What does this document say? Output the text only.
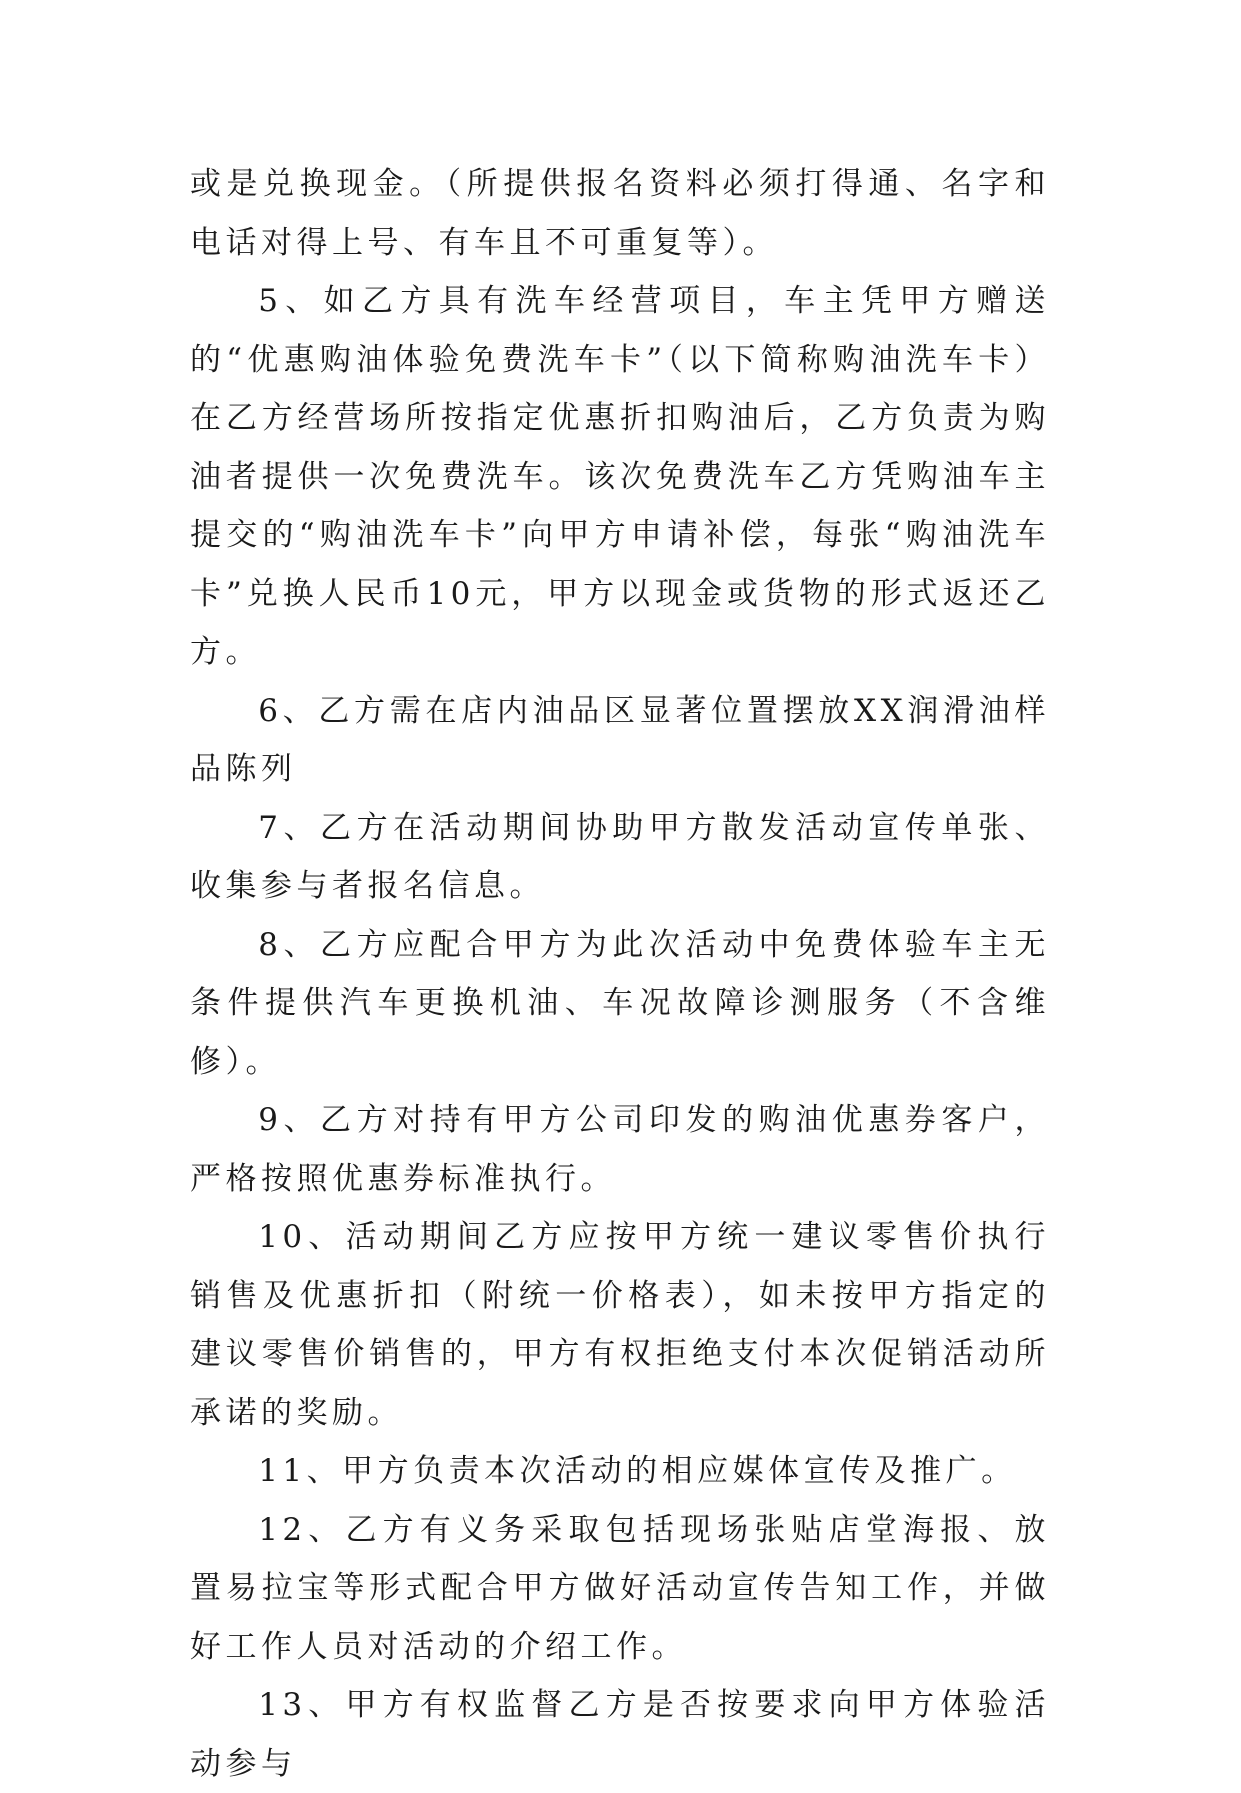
或是兑换现金。（所提供报名资料必须打得通、名字和电话对得上号、有车且不可重复等）。

5、如乙方具有洗车经营项目，车主凭甲方赠送的“优惠购油体验免费洗车卡”（以下简称购油洗车卡）在乙方经营场所按指定优惠折扣购油后，乙方负责为购油者提供一次免费洗车。该次免费洗车乙方凭购油车主提交的“购油洗车卡”向甲方申请补偿，每张“购油洗车卡”兑换人民币10元，甲方以现金或货物的形式返还乙方。

6、乙方需在店内油品区显著位置摆放XX润滑油样品陈列

7、乙方在活动期间协助甲方散发活动宣传单张、收集参与者报名信息。

8、乙方应配合甲方为此次活动中免费体验车主无条件提供汽车更换机油、车况故障诊测服务（不含维修）。

9、乙方对持有甲方公司印发的购油优惠券客户，严格按照优惠券标准执行。

10、活动期间乙方应按甲方统一建议零售价执行销售及优惠折扣（附统一价格表），如未按甲方指定的建议零售价销售的，甲方有权拒绝支付本次促销活动所承诺的奖励。

11、甲方负责本次活动的相应媒体宣传及推广。

12、乙方有义务采取包括现场张贴店堂海报、放置易拉宝等形式配合甲方做好活动宣传告知工作，并做好工作人员对活动的介绍工作。

13、甲方有权监督乙方是否按要求向甲方体验活动参与
